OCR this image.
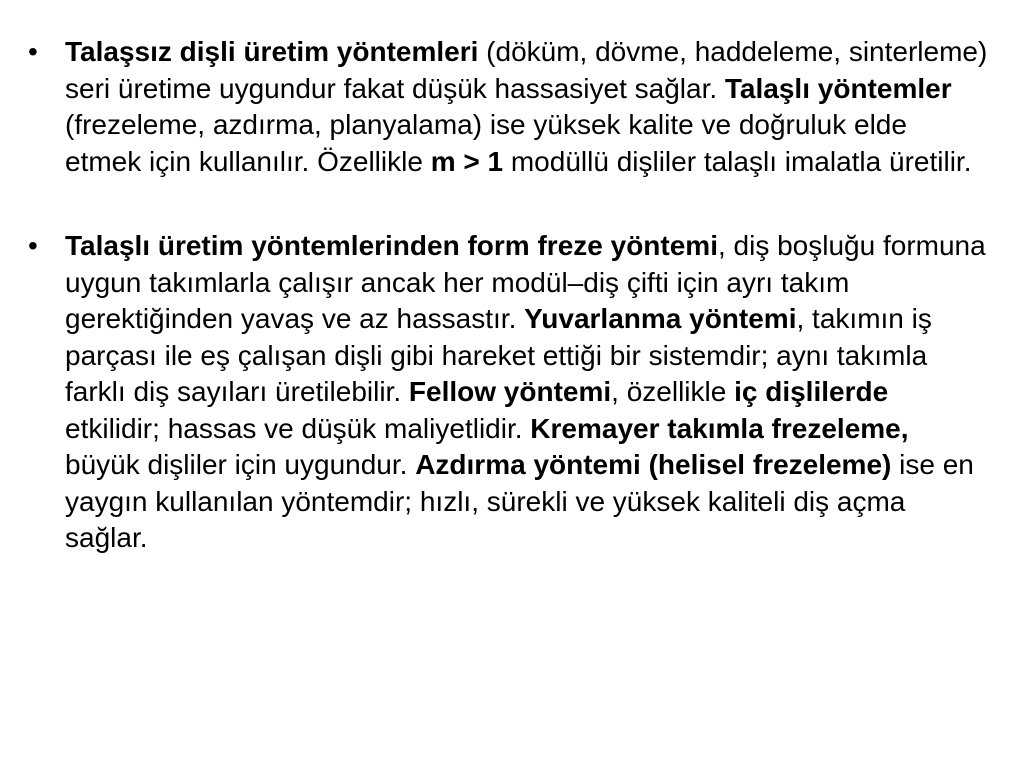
• Talaşsız dişli üretim yöntemleri (döküm, dövme, haddeleme, sinterleme) seri üretime uygundur fakat düşük hassasiyet sağlar. Talaşlı yöntemler (frezeleme, azdırma, planyalama) ise yüksek kalite ve doğruluk elde etmek için kullanılır. Özellikle m > 1 modüllü dişliler talaşlı imalatla üretilir.
• Talaşlı üretim yöntemlerinden form freze yöntemi, diş boşluğu formuna uygun takımlarla çalışır ancak her modül–diş çifti için ayrı takım gerektiğinden yavaş ve az hassastır. Yuvarlanma yöntemi, takımın iş parçası ile eş çalışan dişli gibi hareket ettiği bir sistemdir; aynı takımla farklı diş sayıları üretilebilir. Fellow yöntemi, özellikle iç dişlilerde etkilidir; hassas ve düşük maliyetlidir. Kremayer takımla frezeleme, büyük dişliler için uygundur. Azdırma yöntemi (helisel frezeleme) ise en yaygın kullanılan yöntemdir; hızlı, sürekli ve yüksek kaliteli diş açma sağlar.
